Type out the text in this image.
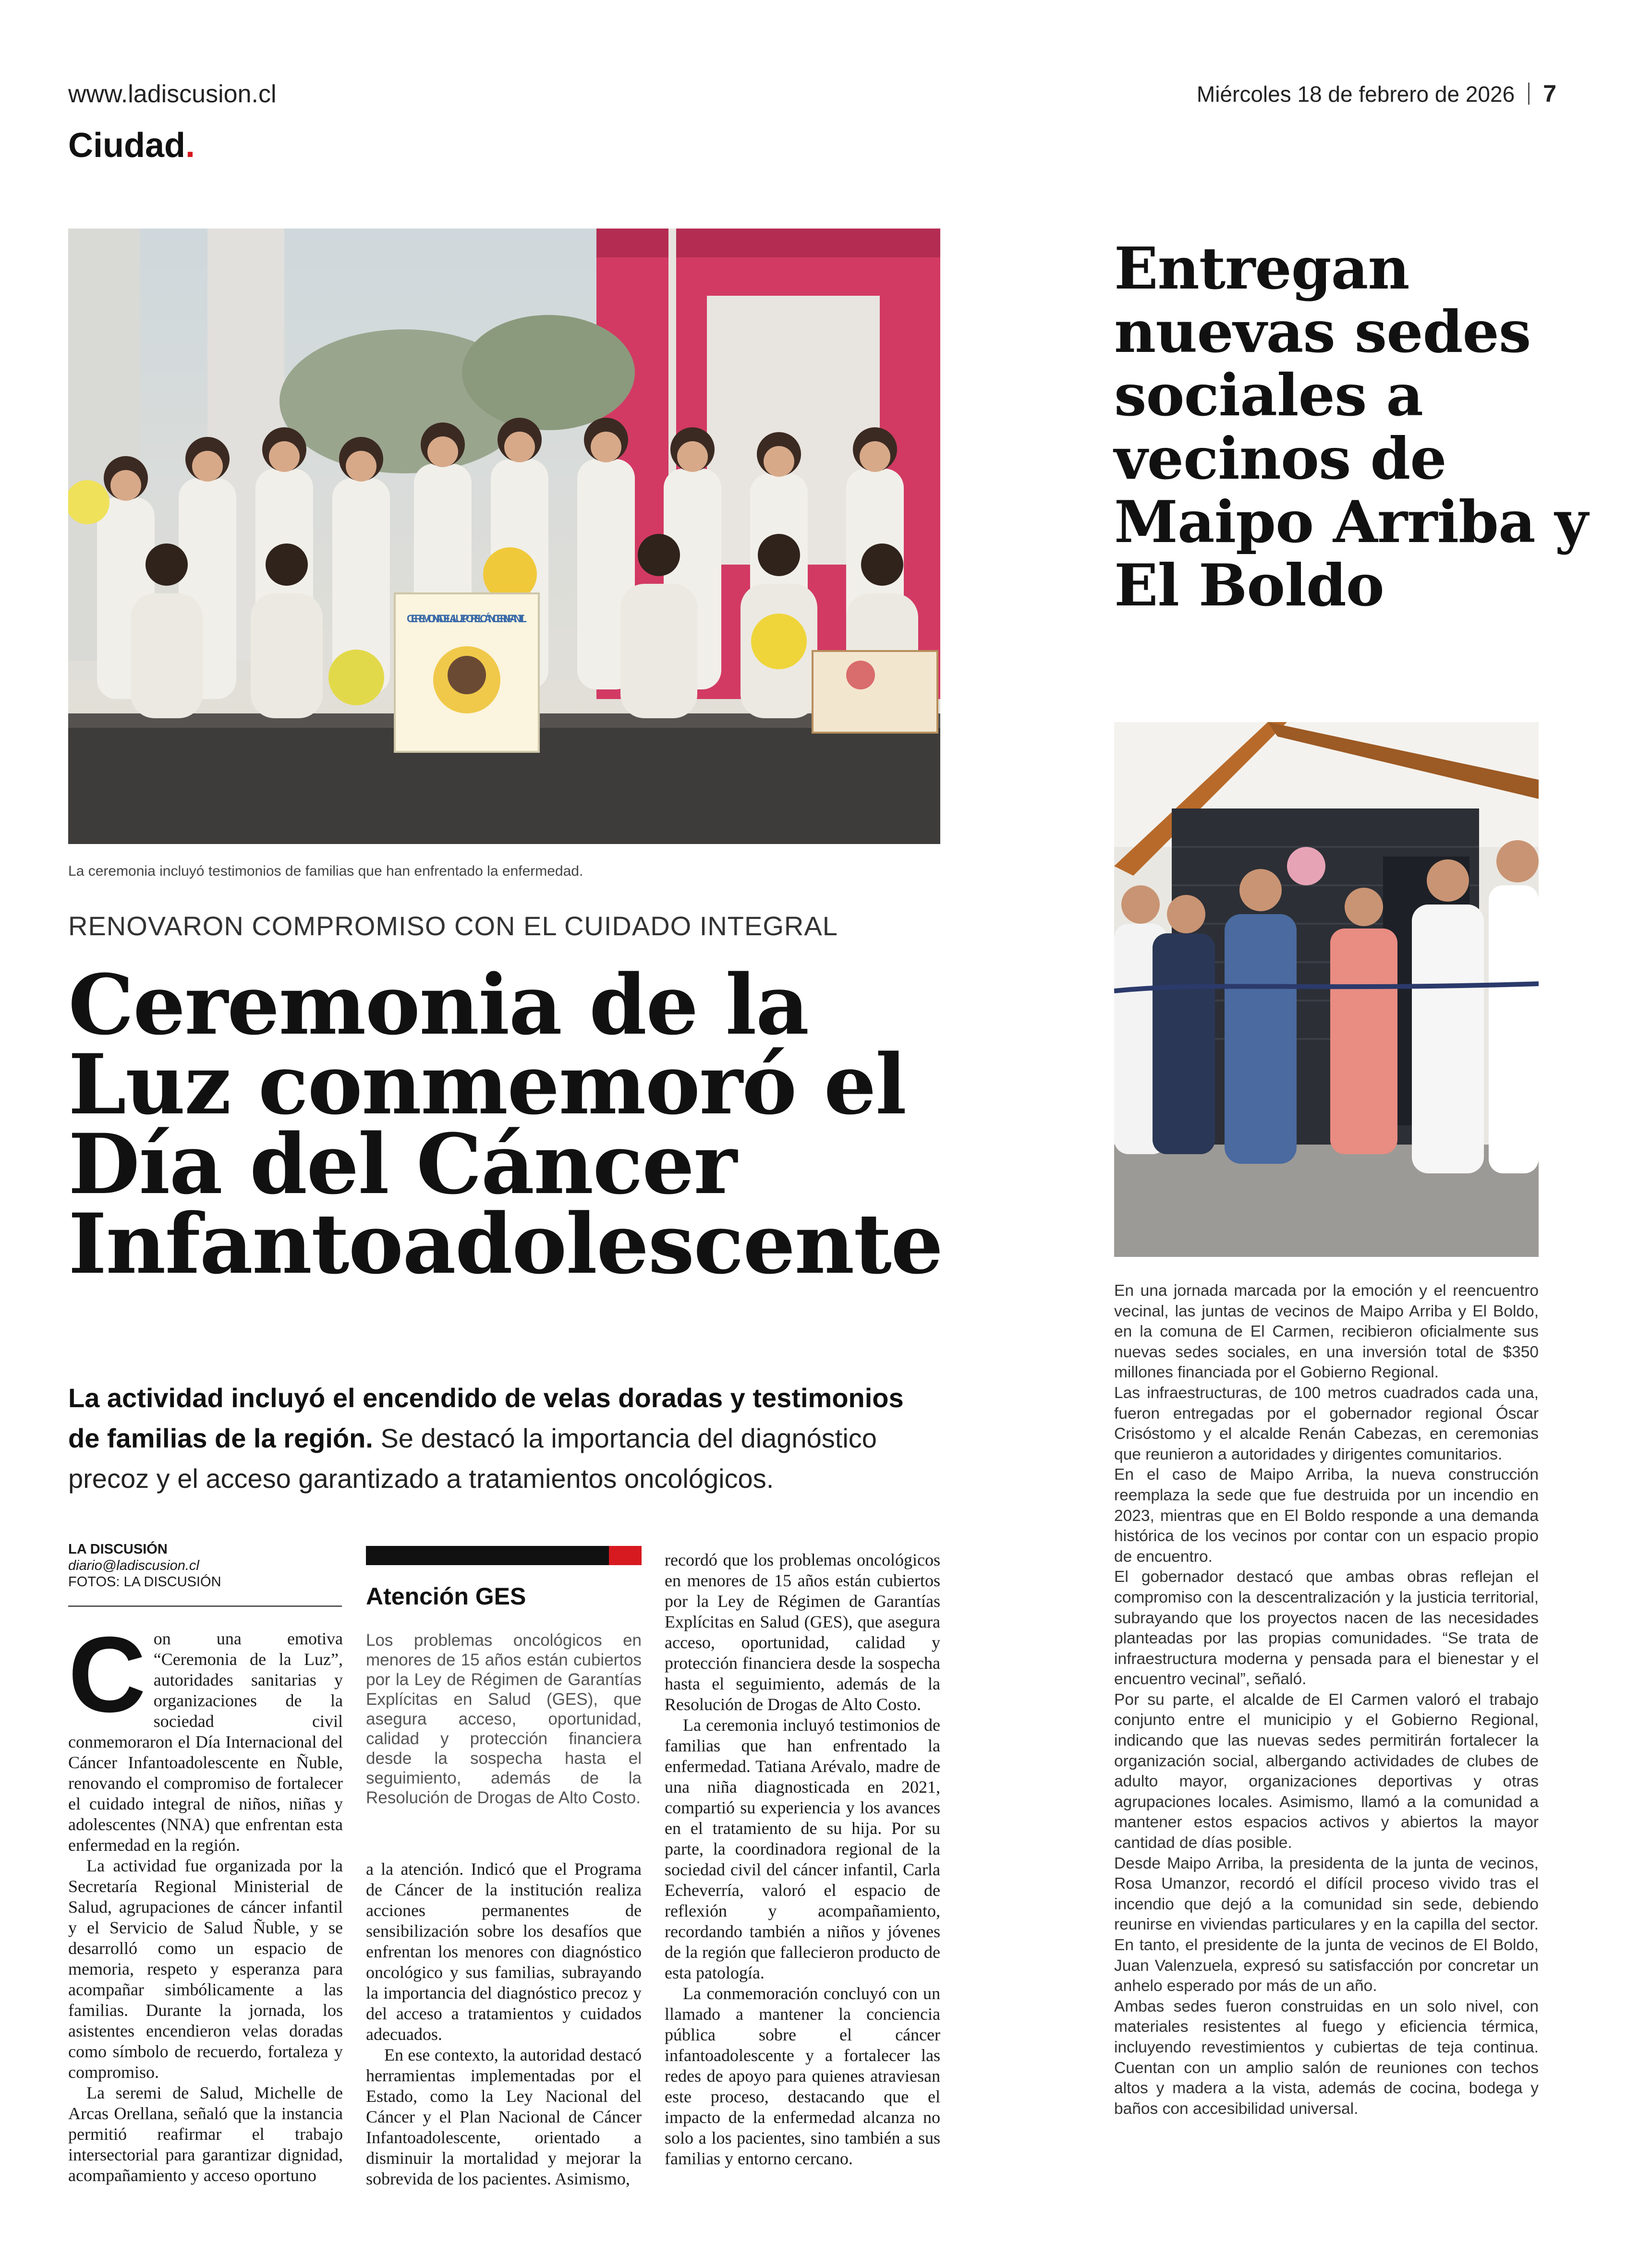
www.ladiscusion.cl	Miércoles 18 de febrero de 2026 7
Ciudad.
CEREMONIA DE LA LUZ POR EL CÁNCER INFANTIL
La ceremonia incluyó testimonios de familias que han enfrentado la enfermedad.
RENOVARON COMPROMISO CON EL CUIDADO INTEGRAL
Ceremonia de la Luz conmemoró el Día del Cáncer Infantoadolescente
La actividad incluyó el encendido de velas doradas y testimonios de familias de la región. Se destacó la importancia del diagnóstico precoz y el acceso garantizado a tratamientos oncológicos.
LA DISCUSIÓN
diario@ladiscusion.cl
FOTOS: LA DISCUSIÓN
C on una emotiva “Ceremonia de la Luz”, autoridades sanitarias y organizaciones de la sociedad civil conmemoraron el Día Internacional del Cáncer Infantoadolescente en Ñuble, renovando el compromiso de fortalecer el cuidado integral de niños, niñas y adolescentes (NNA) que enfrentan esta enfermedad en la región.

La actividad fue organizada por la Secretaría Regional Ministerial de Salud, agrupaciones de cáncer infantil y el Servicio de Salud Ñuble, y se desarrolló como un espacio de memoria, respeto y esperanza para acompañar simbólicamente a las familias. Durante la jornada, los asistentes encendieron velas doradas como símbolo de recuerdo, fortaleza y compromiso.

La seremi de Salud, Michelle de Arcas Orellana, señaló que la instancia permitió reafirmar el trabajo intersectorial para garantizar dignidad, acompañamiento y acceso oportuno

Atención GES
Los problemas oncológicos en menores de 15 años están cubiertos por la Ley de Régimen de Garantías Explícitas en Salud (GES), que asegura acceso, oportunidad, calidad y protección financiera desde la sospecha hasta el seguimiento, además de la Resolución de Drogas de Alto Costo.

a la atención. Indicó que el Programa de Cáncer de la institución realiza acciones permanentes de sensibilización sobre los desafíos que enfrentan los menores con diagnóstico oncológico y sus familias, subrayando la importancia del diagnóstico precoz y del acceso a tratamientos y cuidados adecuados.

En ese contexto, la autoridad destacó herramientas implementadas por el Estado, como la Ley Nacional del Cáncer y el Plan Nacional de Cáncer Infantoadolescente, orientado a disminuir la mortalidad y mejorar la sobrevida de los pacientes. Asimismo,

recordó que los problemas oncológicos en menores de 15 años están cubiertos por la Ley de Régimen de Garantías Explícitas en Salud (GES), que asegura acceso, oportunidad, calidad y protección financiera desde la sospecha hasta el seguimiento, además de la Resolución de Drogas de Alto Costo.

La ceremonia incluyó testimonios de familias que han enfrentado la enfermedad. Tatiana Arévalo, madre de una niña diagnosticada en 2021, compartió su experiencia y los avances en el tratamiento de su hija. Por su parte, la coordinadora regional de la sociedad civil del cáncer infantil, Carla Echeverría, valoró el espacio de reflexión y acompañamiento, recordando también a niños y jóvenes de la región que fallecieron producto de esta patología.

La conmemoración concluyó con un llamado a mantener la conciencia pública sobre el cáncer infantoadolescente y a fortalecer las redes de apoyo para quienes atraviesan este proceso, destacando que el impacto de la enfermedad alcanza no solo a los pacientes, sino también a sus familias y entorno cercano.

Entregan nuevas sedes sociales a vecinos de Maipo Arriba y El Boldo

En una jornada marcada por la emoción y el reencuentro vecinal, las juntas de vecinos de Maipo Arriba y El Boldo, en la comuna de El Carmen, recibieron oficialmente sus nuevas sedes sociales, en una inversión total de $350 millones financiada por el Gobierno Regional.

Las infraestructuras, de 100 metros cuadrados cada una, fueron entregadas por el gobernador regional Óscar Crisóstomo y el alcalde Renán Cabezas, en ceremonias que reunieron a autoridades y dirigentes comunitarios.

En el caso de Maipo Arriba, la nueva construcción reemplaza la sede que fue destruida por un incendio en 2023, mientras que en El Boldo responde a una demanda histórica de los vecinos por contar con un espacio propio de encuentro.

El gobernador destacó que ambas obras reflejan el compromiso con la descentralización y la justicia territorial, subrayando que los proyectos nacen de las necesidades planteadas por las propias comunidades. “Se trata de infraestructura moderna y pensada para el bienestar y el encuentro vecinal”, señaló.

Por su parte, el alcalde de El Carmen valoró el trabajo conjunto entre el municipio y el Gobierno Regional, indicando que las nuevas sedes permitirán fortalecer la organización social, albergando actividades de clubes de adulto mayor, organizaciones deportivas y otras agrupaciones locales. Asimismo, llamó a la comunidad a mantener estos espacios activos y abiertos la mayor cantidad de días posible.

Desde Maipo Arriba, la presidenta de la junta de vecinos, Rosa Umanzor, recordó el difícil proceso vivido tras el incendio que dejó a la comunidad sin sede, debiendo reunirse en viviendas particulares y en la capilla del sector. En tanto, el presidente de la junta de vecinos de El Boldo, Juan Valenzuela, expresó su satisfacción por concretar un anhelo esperado por más de un año.

Ambas sedes fueron construidas en un solo nivel, con materiales resistentes al fuego y eficiencia térmica, incluyendo revestimientos y cubiertas de teja continua. Cuentan con un amplio salón de reuniones con techos altos y madera a la vista, además de cocina, bodega y baños con accesibilidad universal.
